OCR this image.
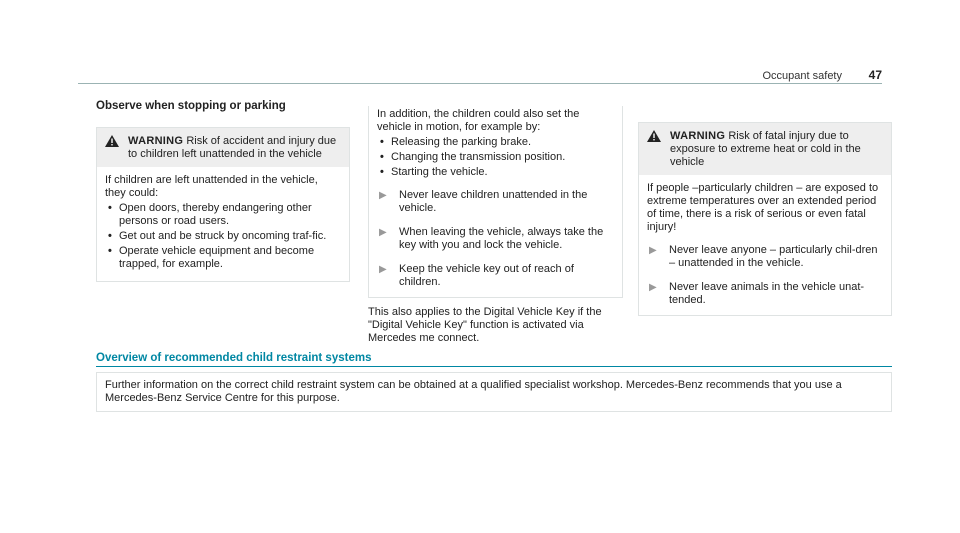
Occupant safety 47
Observe when stopping or parking
WARNING Risk of accident and injury due to children left unattended in the vehicle
If children are left unattended in the vehicle, they could:
• Open doors, thereby endangering other persons or road users.
• Get out and be struck by oncoming traf‐fic.
• Operate vehicle equipment and become trapped, for example.
In addition, the children could also set the vehicle in motion, for example by:
• Releasing the parking brake.
• Changing the transmission position.
• Starting the vehicle.
▶	Never leave children unattended in the vehicle.
▶	When leaving the vehicle, always take the key with you and lock the vehicle.
▶	Keep the vehicle key out of reach of children.
This also applies to the Digital Vehicle Key if the "Digital Vehicle Key" function is activated via Mercedes me connect.
WARNING Risk of fatal injury due to exposure to extreme heat or cold in the vehicle
If people –particularly children – are exposed to extreme temperatures over an extended period of time, there is a risk of serious or even fatal injury!
▶	Never leave anyone – particularly chil‐dren – unattended in the vehicle.
▶	Never leave animals in the vehicle unat‐tended.
Overview of recommended child restraint systems
Further information on the correct child restraint system can be obtained at a qualified specialist workshop. Mercedes-Benz recommends that you use a Mercedes-Benz Service Centre for this purpose.
